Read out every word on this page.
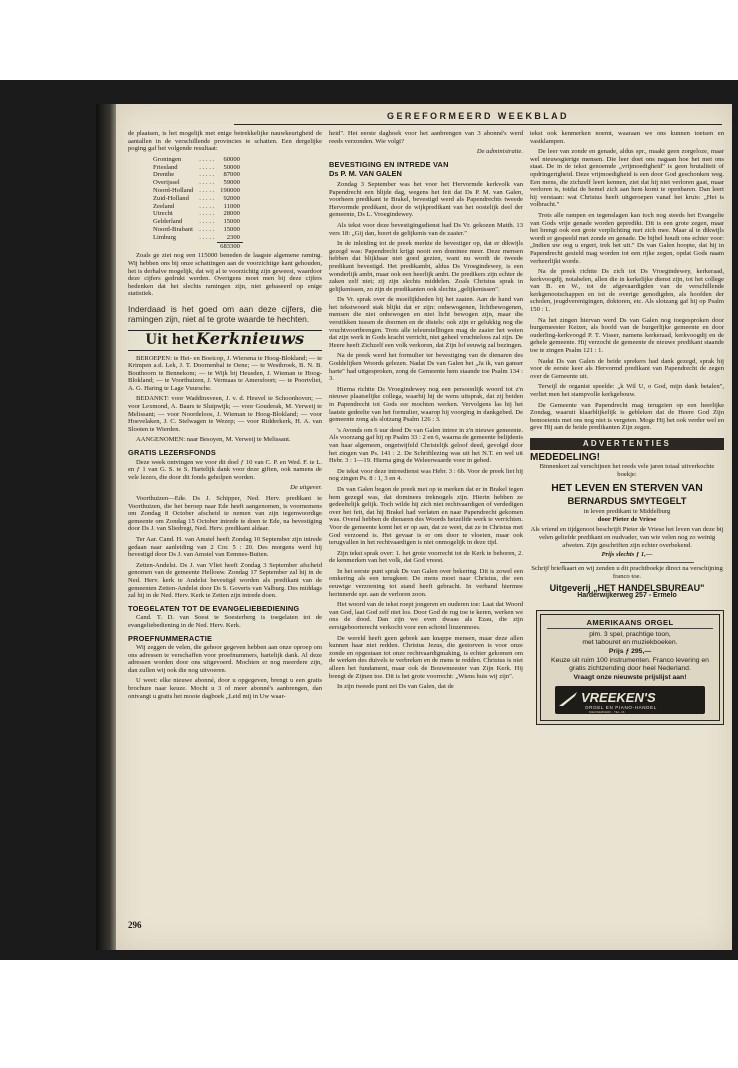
GEREFORMEERD WEEKBLAD

de plaatsen, is het mogelijk met enige betrekkelijke nauwkeurigheid de aantallen in de verschillende provincies te schatten. Een dergelijke poging gaf het volgende resultaat:

Groningen	. . . . .	60000
Friesland	. . . . .	50000
Drenthe	. . . . .	87000
Overijssel	. . . . .	59000
Noord-Holland	. . . . .	190000
Zuid-Holland	. . . . .	92000
Zeeland	. . . . .	11000
Utrecht	. . . . .	28000
Gelderland	. . . . .	15000
Noord-Brabant	. . . . .	15000
Limburg	. . . . .	2300
		683300

Zoals ge ziet nog een 115000 beneden de laagste algemene raming. Wij hebben ons bij onze schattingen aan de voorzichtige kant gehouden, het is derhalve mogelijk, dat wij al te voorzichtig zijn geweest, waardoor deze cijfers gedrukt werden. Overigens moet men bij deze cijfers bedenken dat het slechts ramingen zijn, niet gebaseerd op enige statistiek.

Inderdaad is het goed om aan deze cijfers, die ramingen zijn, niet al te grote waarde te hechten.
Uit het Kerknieuws

BEROEPEN: te Hei- en Boeicop, J. Wiersma te Hoog-Blokland; — te Krimpen a.d. Lek, J. T. Doornenbal te Oene; — te Westbroek, B. N. B. Bouthoorn te Bennekom; — te Wijk bij Heusden, J. Wieman te Hoog-Blokland; — te Voorthuizen, J. Vermaas te Amersfoort; — te Poortvliet, A. G. Haring te Lage Vuursche.

BEDANKT: voor Waddinxveen, J. v. d. Heuvel te Schoonhoven; — voor Lexmond, A. Baars te Sluipwijk; — voor Gouderak, M. Verweij te Melissant; — voor Noordeloos, J. Wieman te Hoog-Blokland; — voor Hoevelaken, J. C. Stelwagen te Wezep; — voor Ridderkerk, H. A. van Slooten te Wierden.

AANGENOMEN: naar Besoyen, M. Verweij te Melissant.

GRATIS LEZERSFONDS

Deze week ontvingen we voor dit doel ƒ 10 van C. P. en Wed. F. te L. en ƒ 1 van G. S. te S. Hartelijk dank voor deze giften, ook namens de vele lezers, die door dit fonds geholpen worden.

De uitgever.

Voorthuizen—Ede. Ds J. Schipper, Ned. Herv. predikant te Voorthuizen, die het beroep naar Ede heeft aangenomen, is voornemens om Zondag 8 October afscheid te nemen van zijn tegenwoordige gemeente om Zondag 15 October intrede te doen te Ede, na bevestiging door Ds J. van Sliedregt, Ned. Herv. predikant aldaar.

Ter Aar. Cand. H. van Amstel heeft Zondag 10 September zijn intrede gedaan naar aanleiding van 2 Cor. 5 : 20. Des morgens werd hij bevestigd door Ds J. van Amstel van Eemnes-Buiten.

Zetten-Andelst. Ds J. van Vliet heeft Zondag 3 September afscheid genomen van de gemeente Hellouw. Zondag 17 September zal hij in de Ned. Herv. kerk te Andelst bevestigd worden als predikant van de gemeenten Zetten-Andelst door Ds S. Goverts van Valburg. Des middags zal hij in de Ned. Herv. Kerk te Zetten zijn intrede doen.

TOEGELATEN TOT DE EVANGELIEBEDIENING

Cand. T. D. van Soest te Soesterberg is toegelaten tot de evangeliebediening in de Ned. Herv. Kerk.

PROEFNUMMERACTIE

Wij zeggen de velen, die gehoor gegeven hebben aan onze oproep om ons adressen te verschaffen voor proefnummers, hartelijk dank. Al deze adressen worden door ons uitgevoerd. Mochten er nog meerdere zijn, dan zullen wij ook die nog uitvoeren.

U weet: elke nieuwe abonné, door u opgegeven, brengt u een gratis brochure naar keuze. Mocht u 3 of meer abonné's aanbrengen, dan ontvangt u gratis het mooie dagboek „Leid mij in Uw waar-

heid". Het eerste dagboek voor het aanbrengen van 3 abonné's werd reeds verzonden. Wie volgt?

De administratie.

BEVESTIGING EN INTREDE VAN
Ds P. M. VAN GALEN

Zondag 3 September was het voor het Hervormde kerkvolk van Papendrecht een blijde dag, wegens het feit dat Ds P. M. van Galen, voorheen predikant te Brakel, bevestigd werd als Papendrechts tweede Hervormde predikant, door de wijkpredikant van het oostelijk deel der gemeente, Ds L. Vroegindewey.

Als tekst voor deze bevestigingsdienst had Ds Vr. gekozen Matth. 13 vers 18: „Gij dan, hoort de gelijkenis van de zaaier."

In de inleiding tot de preek merkte de bevestiger op, dat er dikwijls gezegd was: Papendrecht krijgt nooit een dominee meer. Deze mensen hebben dat blijkbaar niet goed gezien, want nu wordt de tweede predikant bevestigd. Het predikambt, aldus Ds Vroegindewey, is een wonderlijk ambt, maar ook een heerlijk ambt. De predikers zijn echter de zaken zelf niet; zij zijn slechts middelen. Zoals Christus sprak in gelijkenissen, zo zijn de predikanten ook slechts „gelijkenissen".

Ds Vr. sprak over de moeilijkheden bij het zaaien. Aan de hand van het tekstwoord stak blijkt dat er zijn: onbewogenen, lichtbewogenen, mensen die niet onbewogen en niet licht bewogen zijn, maar die verstikken tussen de doornen en de distels: ook zijn er gelukkig nog die vruchtvoortbrengen. Trots alle teleurstellingen mag de zaaier het weten dat zijn werk in Gods kracht verricht, niet geheel vruchteloos zal zijn. De Heere heeft Zichzelf een volk verkoren, dat Zijn lof eeuwig zal bezingen.

Na de preek werd het formulier ter bevestiging van de dienaren des Goddelijken Woords gelezen. Nadat Ds van Galen het „Ja ik, van ganser harte" had uitgesproken, zong de Gemeente hem staande toe Psalm 134 : 3.

Hierna richtte Ds Vroegindewey nog een persoonlijk woord tot z'n nieuwe plaatselijke collega, waarbij hij de wens uitsprak, dat zij beiden in Papendrecht tot Gods eer mochten werken. Vervolgens las hij het laatste gedeelte van het formulier, waarop hij voorging in dankgebed. De gemeente zong als slotzang Psalm 126 : 3.

's Avonds om 6 uur deed Ds van Galen intree in z'n nieuwe gemeente. Als voorzang gaf hij op Psalm 33 : 2 en 6, waarna de gemeente belijdenis van haar algemeen, ongetwijfeld Christelijk geloof deed, gevolgd door het zingen van Ps. 141 : 2. De Schriftlezing was uit het N.T. en wel uit Hebr. 3 : 1—19. Hierna ging de Weleerwaarde voor in gebed.

De tekst voor deze intreedienst was Hebr. 3 : 6b. Voor de preek liet hij nog zingen Ps. 8 : 1, 3 en 4.

Ds van Galen begon de preek met op te merken dat er in Brakel tegen hem gezegd was, dat dominees treknogels zijn. Hierin hebben ze gedeeltelijk gelijk. Toch wilde hij zich niet rechtvaardigen of verdedigen over het feit, dat hij Brakel had verlaten en naar Papendrecht gekomen was. Overal hebben de dienaren des Woords hetzelfde werk te verrichten. Voor de gemeente komt het er op aan, dat ze weet, dat ze in Christus met God verzoend is. Het gevaar is er om door te vloeien, maar ook terugvallen in het rechtvaardigen is niet onmogelijk in deze tijd.

Zijn tekst sprak over: 1. het grote voorrecht tot de Kerk te behoren, 2. de kenmerken van het volk, dat God vreest.

In het eerste punt sprak Ds van Galen over bekering. Dit is zowel een omkering als een terugkeer. De mens moet naar Christus, die een eeuwige verzoening tot stand heeft gebracht. In verband hiermee herinnerde spr. aan de verloren zoon.

Het woord van de tekst roept jongeren en ouderen toe: Laat dat Woord van God, laat God zelf niet los. Door God de rug toe te keren, werken we ons de dood. Dan zijn we even dwaas als Ezau, die zijn eerstgeboorterecht verkocht voor een schotel linzenmoes.

De wereld heeft geen gebrek aan knappe mensen, maar deze allen kunnen haar niet redden. Christus Jezus, die gestorven is voor onze zonde en opgestaan tot onze rechtvaardigmaking, is echter gekomen om de werken des duivels te verbreken en de mens te redden. Christus is niet alleen het fundament, maar ook de Bouwmeester van Zijn Kerk. Hij brengt de Zijnen toe. Dit is het grote voorrecht: „Wiens huis wij zijn".

In zijn tweede punt zei Ds van Galen, dat de

tekst ook kenmerken noemt, waaraan we ons kunnen toetsen en vastklampen.

De leer van zonde en genade, aldus spr., maakt geen zorgeloze, maar wel nieuwsgierige mensen. Die leer doet ons nagaan hoe het met ons staat. De in de tekst genoemde „vrijmoedigheid" is geen brutaliteit of opdringerigheid. Deze vrijmoedigheid is een door God geschonken weg. Een mens, die zichzelf leert kennen, ziet dat hij niet verloren gaat, maar verloren is, totdat de hemel zich aan hem komt te openbaren. Dan leert hij verstaan: wat Christus heeft uitgeroepen vanaf het kruis: „Het is volbracht."

Trots alle rampen en tegenslagen kan toch nog steeds het Evangelie van Gods vrije genade worden gepredikt. Dit is een grote zegen, maar het brengt ook een grote verplichting met zich mee. Maar al te dikwijls wordt er gespeeld met zonde en genade. De bijbel houdt ons echter voor: „Indien uw oog u ergert, trek het uit." Ds van Galen hoopte, dat hij in Papendrecht gesteld mag worden tot een rijke zegen, opdat Gods naam verheerlijkt worde.

Na de preek richtte Ds zich tot Ds Vroegindewey, kerkeraad, kerkvoogdij, notabelen, allen die in kerkelijke dienst zijn, tot het college van B. en W., tot de afgevaardigden van de verschillende kerkgenootschappen en tot de overige genodigden, als hoofden der scholen, jeugdverenigingen, doktoren, etc. Als slotzang gaf hij op Psalm 150 : 1.

Na het zingen hiervan werd Ds van Galen nog toegesproken door burgemeester Keizer, als hoofd van de burgerlijke gemeente en door ouderling-kerkvoogd P. T. Visser, namens kerkeraad, kerkvoogdij en de gehele gemeente. Hij verzocht de gemeente de nieuwe predikant staande toe te zingen Psalm 121 : 1.

Nadat Ds van Galen de beide sprekers had dank gezegd, sprak hij voor de eerste keer als Hervormd predikant van Papendrecht de zegen over de Gemeente uit.

Terwijl de organist speelde: „k Wil U, o God, mijn dank betalen", verliet men het stampvolle kerkgebouw.

De Gemeente van Papendrecht mag terugzien op een heerlijke Zondag, waaruit klaarblijkelijk is gebleken dat de Heere God Zijn bemoeienis met ons nog niet is vergeten. Moge Hij het ook verder wel en geve Hij aan de beide predikanten Zijn zegen.

ADVERTENTIES
MEDEDELING!
Binnenkort zal verschijnen het reeds vele jaren totaal uitverkochte boekje:
HET LEVEN EN STERVEN VAN
BERNARDUS SMYTEGELT
in leven predikant te Middelburg
door Pieter de Vriese
Als vriend en tijdgenoot beschrijft Pieter de Vriese het leven van deze bij velen geliefde predikant en oudvader, van wie velen nog zo weinig afweten. Zijn geschriften zijn echter overbekend.
Prijs slechts ƒ 1,—
Schrijf briefkaart en wij zenden u dit prachtboekje direct na verschijning franco toe.
Uitgeverij „HET HANDELSBUREAU"
Harderwijkerweg 257 - Ermelo
AMERIKAANS ORGEL
plm. 3 spel, prachtige toon,
met tabouret en muziekboeken.
Prijs ƒ 295,—
Keuze uit ruim 100 instrumenten. Franco levering en gratis zichtzending door heel Nederland.
Vraagt onze nieuwste prijslijst aan!
VREEKEN'S
ORGEL EN PIANO-HANDEL
NIEUWERKERK · TEL. 16
296
